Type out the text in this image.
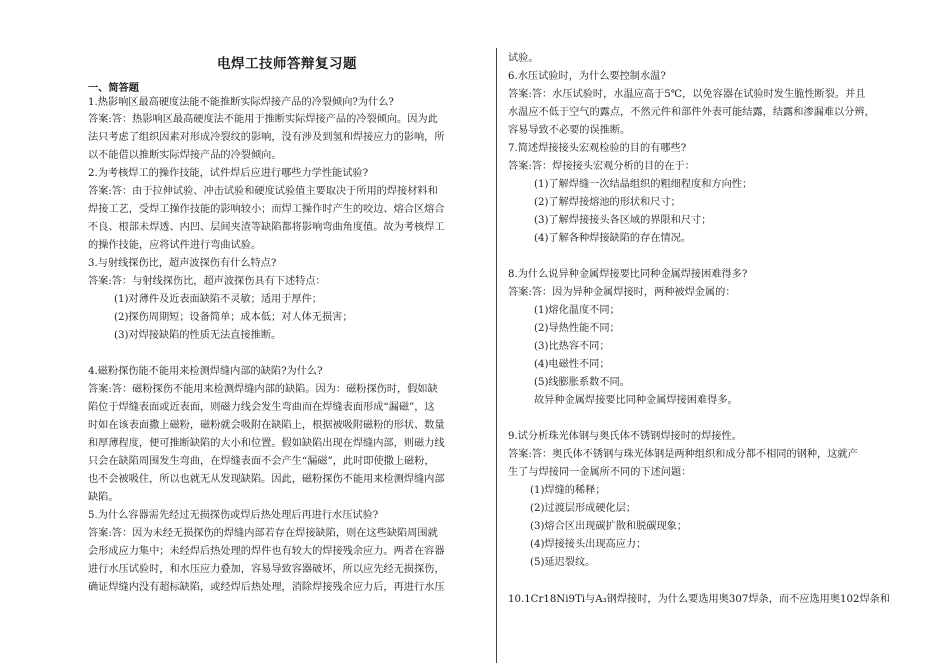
电焊工技师答辩复习题
一、简答题
1.热影响区最高硬度法能不能推断实际焊接产品的冷裂倾向?为什么?
答案:答：热影响区最高硬度法不能用于推断实际焊接产品的冷裂倾向。因为此
法只考虑了组织因素对形成冷裂纹的影响，没有涉及到氢和焊接应力的影响，所
以不能借以推断实际焊接产品的冷裂倾向。
2.为考核焊工的操作技能，试件焊后应进行哪些力学性能试验?
答案:答：由于拉伸试验、冲击试验和硬度试验值主要取决于所用的焊接材料和
焊接工艺，受焊工操作技能的影响较小；而焊工操作时产生的咬边、熔合区熔合
不良、根部未焊透、内凹、层间夹渣等缺陷都将影响弯曲角度值。故为考核焊工
的操作技能，应将试件进行弯曲试验。
3.与射线探伤比，超声波探伤有什么特点?
答案:答：与射线探伤比，超声波探伤具有下述特点：
(1)对薄件及近表面缺陷不灵敏；适用于厚件；
(2)探伤周期短；设备简单；成本低；对人体无损害；
(3)对焊接缺陷的性质无法直接推断。
4.磁粉探伤能不能用来检测焊缝内部的缺陷?为什么?
答案:答：磁粉探伤不能用来检测焊缝内部的缺陷。因为：磁粉探伤时，假如缺
陷位于焊缝表面或近表面，则磁力线会发生弯曲而在焊缝表面形成“漏磁”，这
时如在该表面撒上磁粉，磁粉就会吸附在缺陷上，根据被吸附磁粉的形状、数量
和厚薄程度，便可推断缺陷的大小和位置。假如缺陷出现在焊缝内部，则磁力线
只会在缺陷周围发生弯曲，在焊缝表面不会产生“漏磁”，此时即使撒上磁粉，
也不会被吸住，所以也就无从发现缺陷。因此，磁粉探伤不能用来检测焊缝内部
缺陷。
5.为什么容器需先经过无损探伤或焊后热处理后再进行水压试验?
答案:答：因为未经无损探伤的焊缝内部若存在焊接缺陷，则在这些缺陷周围就
会形成应力集中；未经焊后热处理的焊件也有较大的焊接残余应力。两者在容器
进行水压试验时，和水压应力叠加，容易导致容器破坏，所以应先经无损探伤，
确证焊缝内没有超标缺陷，或经焊后热处理，消除焊接残余应力后，再进行水压
试验。
6.水压试验时，为什么要控制水温?
答案:答：水压试验时，水温应高于5℃，以免容器在试验时发生脆性断裂。并且
水温应不低于空气的露点，不然元件和部件外表可能结露，结露和渗漏难以分辨，
容易导致不必要的误推断。
7.简述焊接接头宏观检验的目的有哪些?
答案:答：焊接接头宏观分析的目的在于：
(1)了解焊缝一次结晶组织的粗细程度和方向性；
(2)了解焊接熔池的形状和尺寸；
(3)了解焊接接头各区域的界限和尺寸；
(4)了解各种焊接缺陷的存在情况。
8.为什么说异种金属焊接要比同种金属焊接困难得多?
答案:答：因为异种金属焊接时，两种被焊金属的：
(1)熔化温度不同；
(2)导热性能不同；
(3)比热容不同；
(4)电磁性不同；
(5)线膨胀系数不同。
故异种金属焊接要比同种金属焊接困难得多。
9.试分析珠光体钢与奥氏体不锈钢焊接时的焊接性。
答案:答：奥氏体不锈钢与珠光体钢是两种组织和成分都不相同的钢种，这就产
生了与焊接同一金属所不同的下述问题：
(1)焊缝的稀释；
(2)过渡层形成硬化层；
(3)熔合区出现碳扩散和脱碳现象；
(4)焊接接头出现高应力；
(5)延迟裂纹。
10.1Cr18Ni9Ti与A₃钢焊接时，为什么要选用奥307焊条，而不应选用奥102焊条和
